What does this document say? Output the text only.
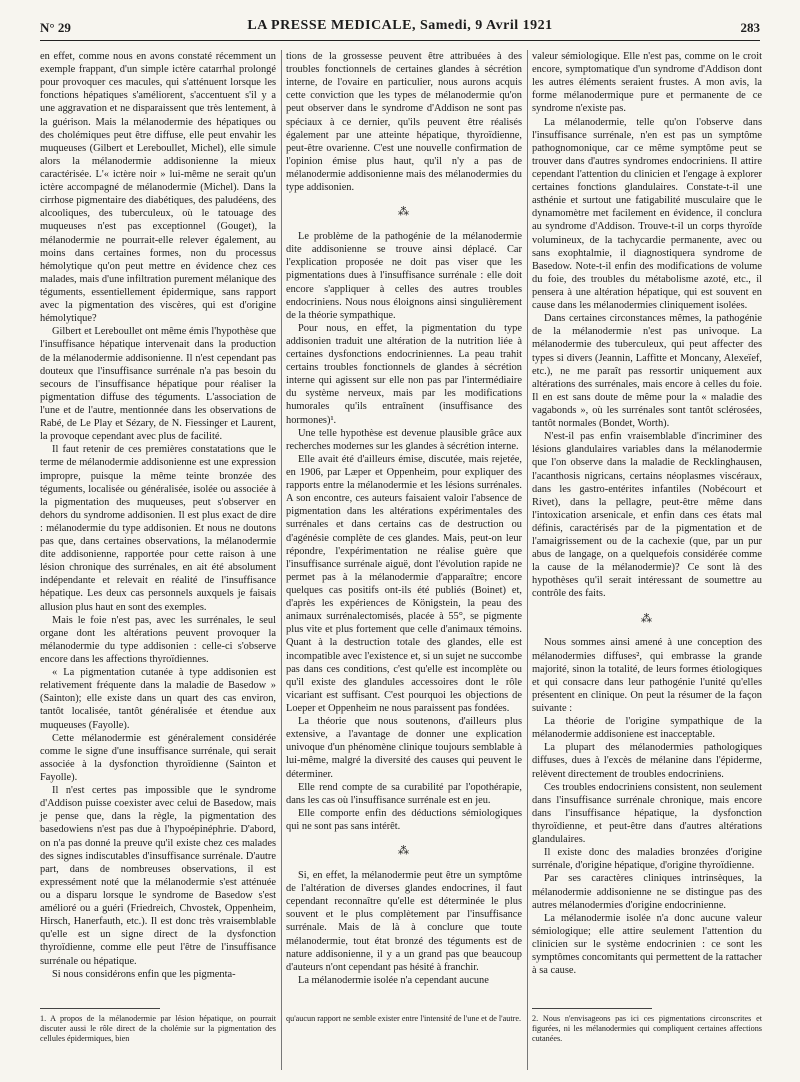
N° 29	LA PRESSE MEDICALE, Samedi, 9 Avril 1921	283

en effet, comme nous en avons constaté récemment un exemple frappant, d'un simple ictère catarrhal prolongé pour provoquer ces macules, qui s'atténuent lorsque les fonctions hépatiques s'améliorent, s'accentuent s'il y a une aggravation et ne disparaissent que très lentement, à la guérison. Mais la mélanodermie des hépatiques ou des cholémiques peut être diffuse, elle peut envahir les muqueuses (Gilbert et Lereboullet, Michel), elle simule alors la mélanodermie addisonienne la mieux caractérisée. L'« ictère noir » lui-même ne serait qu'un ictère accompagné de mélanodermie (Michel). Dans la cirrhose pigmentaire des diabétiques, des paludéens, des alcooliques, des tuberculeux, où le tatouage des muqueuses n'est pas exceptionnel (Gouget), la mélanodermie ne pourrait-elle relever également, au moins dans certaines formes, non du processus hémolytique qu'on peut mettre en évidence chez ces malades, mais d'une infiltration purement mélanique des téguments, essentiellement épidermique, sans rapport avec la pigmentation des viscères, qui est d'origine hémolytique?

Gilbert et Lereboullet ont même émis l'hypothèse que l'insuffisance hépatique intervenait dans la production de la mélanodermie addisonienne. Il n'est cependant pas douteux que l'insuffisance surrénale n'a pas besoin du secours de l'insuffisance hépatique pour réaliser la pigmentation diffuse des téguments. L'association de l'une et de l'autre, mentionnée dans les observations de Rabé, de Le Play et Sézary, de N. Fiessinger et Laurent, la provoque cependant avec plus de facilité.

Il faut retenir de ces premières constatations que le terme de mélanodermie addisonienne est une expression impropre, puisque la même teinte bronzée des téguments, localisée ou généralisée, isolée ou associée à la pigmentation des muqueuses, peut s'observer en dehors du syndrome addisonien. Il est plus exact de dire : mélanodermie du type addisonien. Et nous ne doutons pas que, dans certaines observations, la mélanodermie dite addisonienne, rapportée pour cette raison à une lésion chronique des surrénales, en ait été absolument indépendante et relevait en réalité de l'insuffisance hépatique. Les deux cas personnels auxquels je faisais allusion plus haut en sont des exemples.

Mais le foie n'est pas, avec les surrénales, le seul organe dont les altérations peuvent provoquer la mélanodermie du type addisonien : celle-ci s'observe encore dans les affections thyroïdiennes.

« La pigmentation cutanée à type addisonien est relativement fréquente dans la maladie de Basedow » (Sainton); elle existe dans un quart des cas environ, tantôt localisée, tantôt généralisée et étendue aux muqueuses (Fayolle).

Cette mélanodermie est généralement considérée comme le signe d'une insuffisance surrénale, qui serait associée à la dysfonction thyroïdienne (Sainton et Fayolle).

Il n'est certes pas impossible que le syndrome d'Addison puisse coexister avec celui de Basedow, mais je pense que, dans la règle, la pigmentation des basedowiens n'est pas due à l'hypoépinéphrie. D'abord, on n'a pas donné la preuve qu'il existe chez ces malades des signes indiscutables d'insuffisance surrénale. D'autre part, dans de nombreuses observations, il est expressément noté que la mélanodermie s'est atténuée ou a disparu lorsque le syndrome de Basedow s'est amélioré ou a guéri (Friedreich, Chvostek, Oppenheim, Hirsch, Hanerfauth, etc.). Il est donc très vraisemblable qu'elle est un signe direct de la dysfonction thyroïdienne, comme elle peut l'être de l'insuffisance surrénale ou hépatique.

Si nous considérons enfin que les pigmenta-

tions de la grossesse peuvent être attribuées à des troubles fonctionnels de certaines glandes à sécrétion interne, de l'ovaire en particulier, nous aurons acquis cette conviction que les types de mélanodermie qu'on peut observer dans le syndrome d'Addison ne sont pas spéciaux à ce dernier, qu'ils peuvent être réalisés également par une atteinte hépatique, thyroïdienne, peut-être ovarienne. C'est une nouvelle confirmation de l'opinion émise plus haut, qu'il n'y a pas de mélanodermie addisonienne mais des mélanodermies du type addisonien.

⁂

Le problème de la pathogénie de la mélanodermie dite addisonienne se trouve ainsi déplacé. Car l'explication proposée ne doit pas viser que les pigmentations dues à l'insuffisance surrénale : elle doit encore s'appliquer à celles des autres troubles endocriniens. Nous nous éloignons ainsi singulièrement de la théorie sympathique.

Pour nous, en effet, la pigmentation du type addisonien traduit une altération de la nutrition liée à certaines dysfonctions endocriniennes. La peau trahit certains troubles fonctionnels de glandes à sécrétion interne qui agissent sur elle non pas par l'intermédiaire du système nerveux, mais par les modifications humorales qu'ils entraînent (insuffisance des hormones)¹.

Une telle hypothèse est devenue plausible grâce aux recherches modernes sur les glandes à sécrétion interne.

Elle avait été d'ailleurs émise, discutée, mais rejetée, en 1906, par Læper et Oppenheim, pour expliquer des rapports entre la mélanodermie et les lésions surrénales. A son encontre, ces auteurs faisaient valoir l'absence de pigmentation dans les altérations expérimentales des surrénales et dans certains cas de destruction ou d'agénésie complète de ces glandes. Mais, peut-on leur répondre, l'expérimentation ne réalise guère que l'insuffisance surrénale aiguë, dont l'évolution rapide ne permet pas à la mélanodermie d'apparaître; encore quelques cas positifs ont-ils été publiés (Boinet) et, d'après les expériences de Königstein, la peau des animaux surrénalectomisés, placée à 55°, se pigmente plus vite et plus fortement que celle d'animaux témoins. Quant à la destruction totale des glandes, elle est incompatible avec l'existence et, si un sujet ne succombe pas dans ces conditions, c'est qu'elle est incomplète ou qu'il existe des glandules accessoires dont le rôle vicariant est suffisant. C'est pourquoi les objections de Loeper et Oppenheim ne nous paraissent pas fondées.

La théorie que nous soutenons, d'ailleurs plus extensive, a l'avantage de donner une explication univoque d'un phénomène clinique toujours semblable à lui-même, malgré la diversité des causes qui peuvent le déterminer.

Elle rend compte de sa curabilité par l'opothérapie, dans les cas où l'insuffisance surrénale est en jeu.

Elle comporte enfin des déductions sémiologiques qui ne sont pas sans intérêt.

⁂

Si, en effet, la mélanodermie peut être un symptôme de l'altération de diverses glandes endocrines, il faut cependant reconnaître qu'elle est déterminée le plus souvent et le plus complètement par l'insuffisance surrénale. Mais de là à conclure que toute mélanodermie, tout état bronzé des téguments est de nature addisonienne, il y a un grand pas que beaucoup d'auteurs n'ont cependant pas hésité à franchir.

La mélanodermie isolée n'a cependant aucune

valeur sémiologique. Elle n'est pas, comme on le croit encore, symptomatique d'un syndrome d'Addison dont les autres éléments seraient frustes. A mon avis, la forme mélanodermique pure et permanente de ce syndrome n'existe pas.

La mélanodermie, telle qu'on l'observe dans l'insuffisance surrénale, n'en est pas un symptôme pathognomonique, car ce même symptôme peut se trouver dans d'autres syndromes endocriniens. Il attire cependant l'attention du clinicien et l'engage à explorer certaines fonctions glandulaires. Constate-t-il une asthénie et surtout une fatigabilité musculaire que le dynamomètre met facilement en évidence, il conclura au syndrome d'Addison. Trouve-t-il un corps thyroïde volumineux, de la tachycardie permanente, avec ou sans exophtalmie, il diagnostiquera syndrome de Basedow. Note-t-il enfin des modifications de volume du foie, des troubles du métabolisme azoté, etc., il pensera à une altération hépatique, qui est souvent en cause dans les mélanodermies cliniquement isolées.

Dans certaines circonstances mêmes, la pathogénie de la mélanodermie n'est pas univoque. La mélanodermie des tuberculeux, qui peut affecter des types si divers (Jeannin, Laffitte et Moncany, Alexeïef, etc.), ne me paraît pas ressortir uniquement aux altérations des surrénales, mais encore à celles du foie. Il en est sans doute de même pour la « maladie des vagabonds », où les surrénales sont tantôt sclérosées, tantôt normales (Bondet, Worth).

N'est-il pas enfin vraisemblable d'incriminer des lésions glandulaires variables dans la mélanodermie que l'on observe dans la maladie de Recklinghausen, l'acanthosis nigricans, certains néoplasmes viscéraux, dans les gastro-entérites infantiles (Nobécourt et Rivet), dans la pellagre, peut-être même dans l'intoxication arsenicale, et enfin dans ces états mal définis, caractérisés par de la pigmentation et de l'amaigrissement ou de la cachexie (que, par un pur abus de langage, on a quelquefois considérée comme la cause de la mélanodermie)? Ce sont là des hypothèses qu'il serait intéressant de soumettre au contrôle des faits.

⁂

Nous sommes ainsi amené à une conception des mélanodermies diffuses², qui embrasse la grande majorité, sinon la totalité, de leurs formes étiologiques et qui consacre dans leur pathogénie l'unité qu'elles présentent en clinique. On peut la résumer de la façon suivante :

La théorie de l'origine sympathique de la mélanodermie addisoniene est inacceptable.

La plupart des mélanodermies pathologiques diffuses, dues à l'excès de mélanine dans l'épiderme, relèvent directement de troubles endocriniens.

Ces troubles endocriniens consistent, non seulement dans l'insuffisance surrénale chronique, mais encore dans l'insuffisance hépatique, la dysfonction thyroïdienne, et peut-être dans d'autres altérations glandulaires.

Il existe donc des maladies bronzées d'origine surrénale, d'origine hépatique, d'origine thyroïdienne.

Par ses caractères cliniques intrinsèques, la mélanodermie addisonienne ne se distingue pas des autres mélanodermies d'origine endocrinienne.

La mélanodermie isolée n'a donc aucune valeur sémiologique; elle attire seulement l'attention du clinicien sur le système endocrinien : ce sont les symptômes concomitants qui permettent de la rattacher à sa cause.

1. A propos de la mélanodermie par lésion hépatique, on pourrait discuter aussi le rôle direct de la cholémie sur la pigmentation des cellules épidermiques, bien
qu'aucun rapport ne semble exister entre l'intensité de l'une et de l'autre. 2. Nous n'envisageons pas ici ces pigmentations circonscrites et figurées, ni les mélanodermies qui compliquent certaines affections cutanées.
